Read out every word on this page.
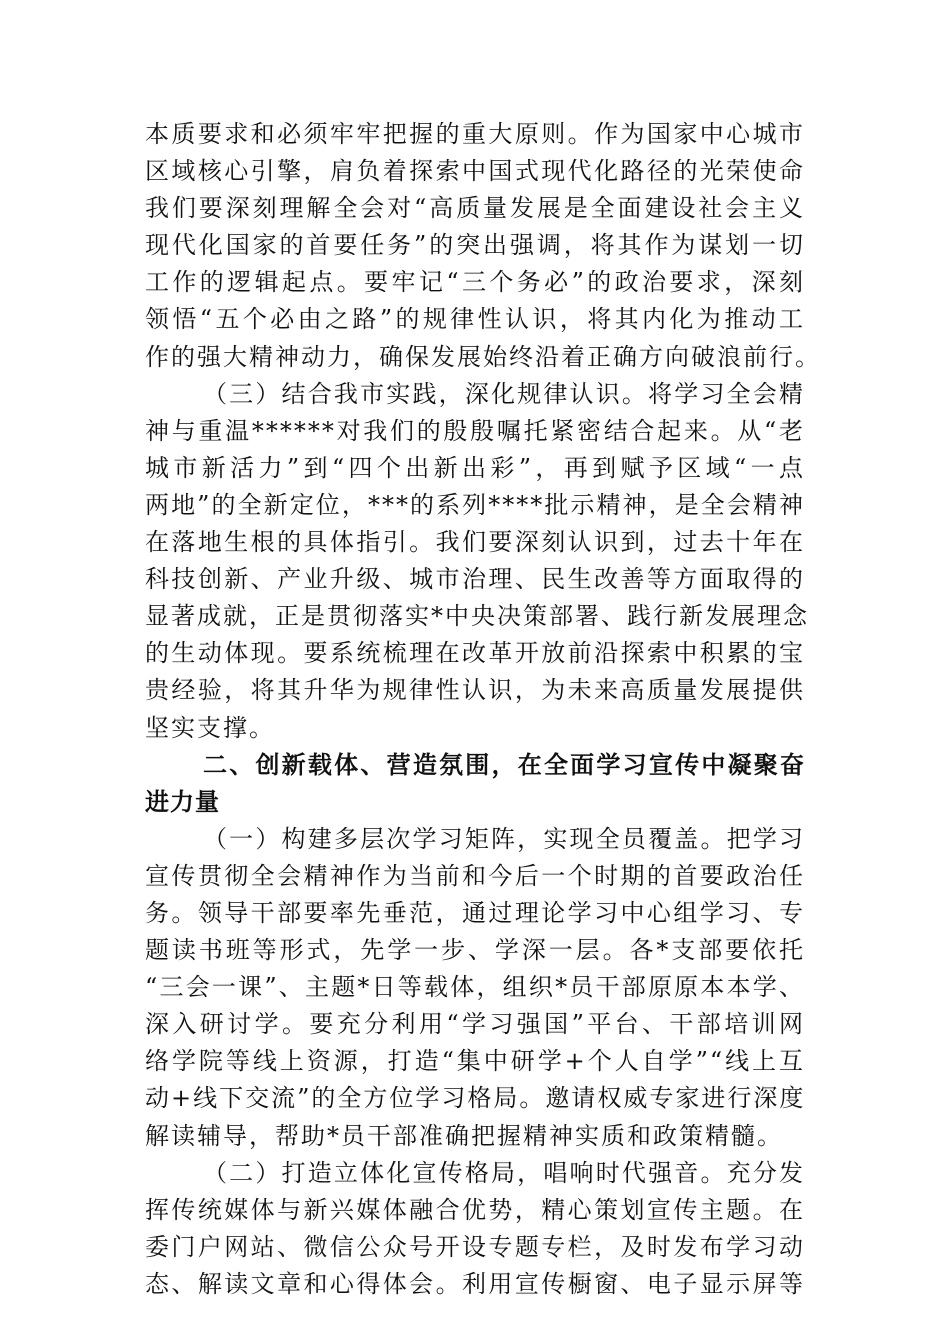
本质要求和必须牢牢把握的重大原则。作为国家中心城市
区域核心引擎，肩负着探索中国式现代化路径的光荣使命
我们要深刻理解全会对“高质量发展是全面建设社会主义
现代化国家的首要任务”的突出强调，将其作为谋划一切
工作的逻辑起点。要牢记“三个务必”的政治要求，深刻
领悟“五个必由之路”的规律性认识，将其内化为推动工
作的强大精神动力，确保发展始终沿着正确方向破浪前行。
（三）结合我市实践，深化规律认识。将学习全会精
神与重温******对我们的殷殷嘱托紧密结合起来。从“老
城市新活力”到“四个出新出彩”，再到赋予区域“一点
两地”的全新定位，***的系列****批示精神，是全会精神
在落地生根的具体指引。我们要深刻认识到，过去十年在
科技创新、产业升级、城市治理、民生改善等方面取得的
显著成就，正是贯彻落实*中央决策部署、践行新发展理念
的生动体现。要系统梳理在改革开放前沿探索中积累的宝
贵经验，将其升华为规律性认识，为未来高质量发展提供
坚实支撑。
二、创新载体、营造氛围，在全面学习宣传中凝聚奋
进力量
（一）构建多层次学习矩阵，实现全员覆盖。把学习
宣传贯彻全会精神作为当前和今后一个时期的首要政治任
务。领导干部要率先垂范，通过理论学习中心组学习、专
题读书班等形式，先学一步、学深一层。各*支部要依托
“三会一课”、主题*日等载体，组织*员干部原原本本学、
深入研讨学。要充分利用“学习强国”平台、干部培训网
络学院等线上资源，打造“集中研学+个人自学”“线上互
动+线下交流”的全方位学习格局。邀请权威专家进行深度
解读辅导，帮助*员干部准确把握精神实质和政策精髓。
（二）打造立体化宣传格局，唱响时代强音。充分发
挥传统媒体与新兴媒体融合优势，精心策划宣传主题。在
委门户网站、微信公众号开设专题专栏，及时发布学习动
态、解读文章和心得体会。利用宣传橱窗、电子显示屏等
